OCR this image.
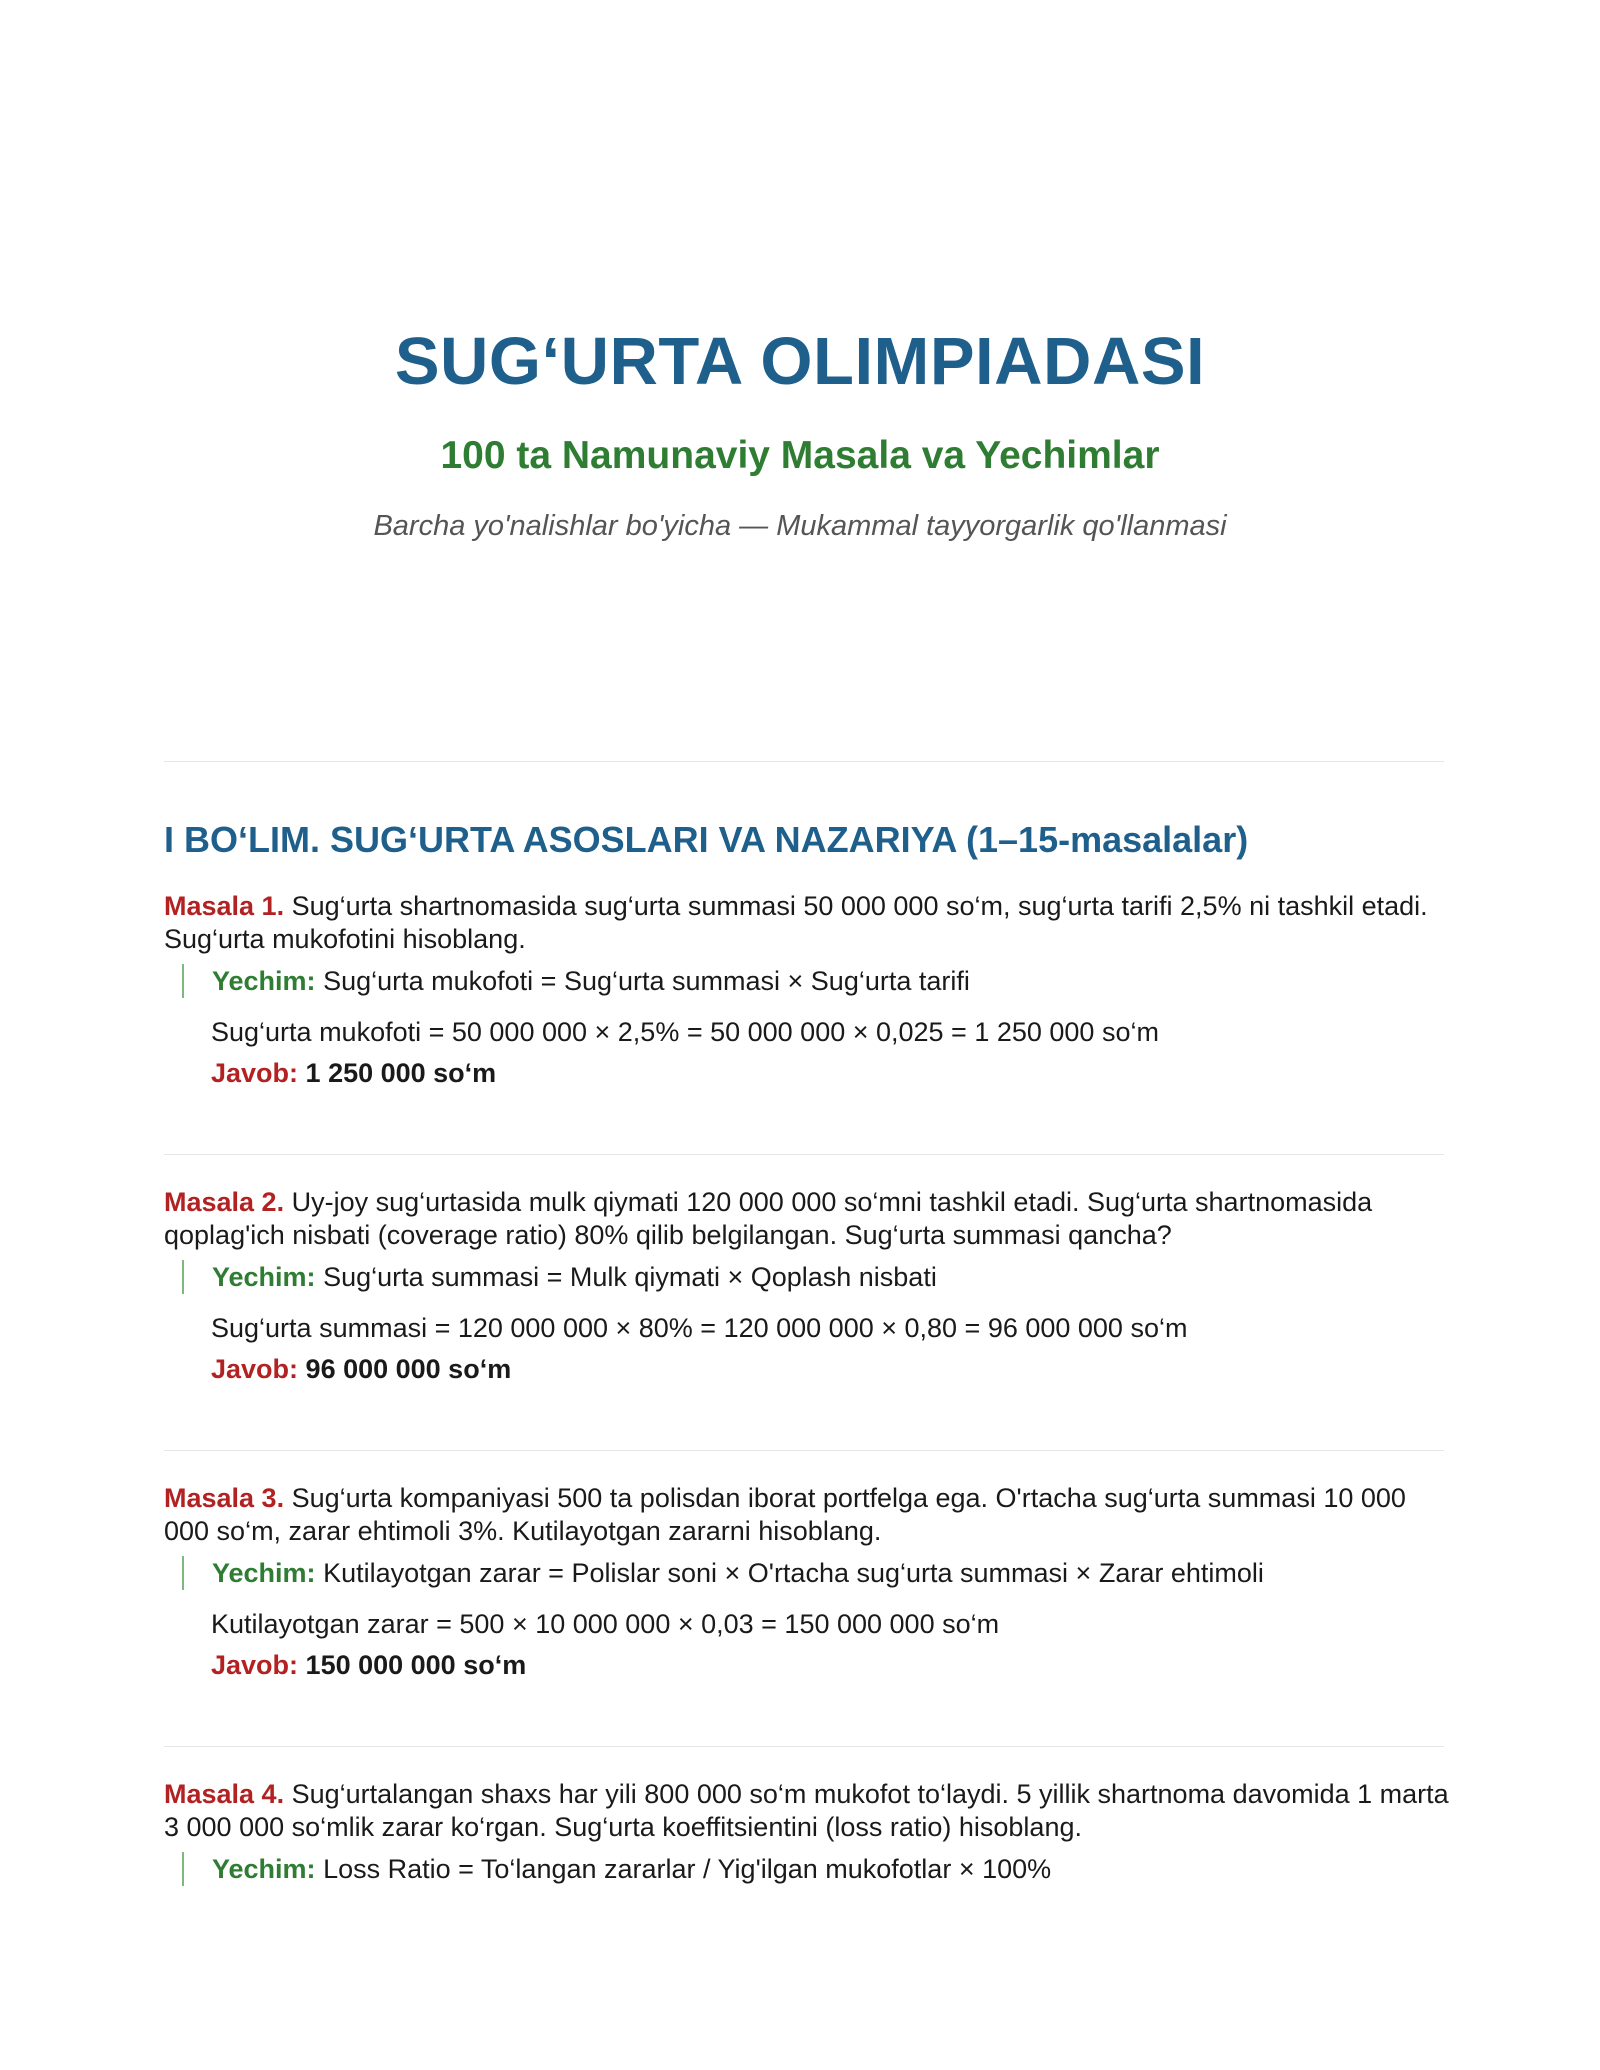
SUG‘URTA OLIMPIADASI
100 ta Namunaviy Masala va Yechimlar
Barcha yo'nalishlar bo'yicha — Mukammal tayyorgarlik qo'llanmasi
I BO‘LIM. SUG‘URTA ASOSLARI VA NAZARIYA (1–15-masalalar)

Masala 1. Sug‘urta shartnomasida sug‘urta summasi 50 000 000 so‘m, sug‘urta tarifi 2,5% ni tashkil etadi. Sug‘urta mukofotini hisoblang.

Yechim: Sug‘urta mukofoti = Sug‘urta summasi × Sug‘urta tarifi
Sug‘urta mukofoti = 50 000 000 × 2,5% = 50 000 000 × 0,025 = 1 250 000 so‘m
Javob: 1 250 000 so‘m

Masala 2. Uy-joy sug‘urtasida mulk qiymati 120 000 000 so‘mni tashkil etadi. Sug‘urta shartnomasida qoplag'ich nisbati (coverage ratio) 80% qilib belgilangan. Sug‘urta summasi qancha?

Yechim: Sug‘urta summasi = Mulk qiymati × Qoplash nisbati
Sug‘urta summasi = 120 000 000 × 80% = 120 000 000 × 0,80 = 96 000 000 so‘m
Javob: 96 000 000 so‘m

Masala 3. Sug‘urta kompaniyasi 500 ta polisdan iborat portfelga ega. O'rtacha sug‘urta summasi 10 000 000 so‘m, zarar ehtimoli 3%. Kutilayotgan zararni hisoblang.

Yechim: Kutilayotgan zarar = Polislar soni × O'rtacha sug‘urta summasi × Zarar ehtimoli
Kutilayotgan zarar = 500 × 10 000 000 × 0,03 = 150 000 000 so‘m
Javob: 150 000 000 so‘m

Masala 4. Sug‘urtalangan shaxs har yili 800 000 so‘m mukofot to‘laydi. 5 yillik shartnoma davomida 1 marta 3 000 000 so‘mlik zarar ko‘rgan. Sug‘urta koeffitsientini (loss ratio) hisoblang.

Yechim: Loss Ratio = To‘langan zararlar / Yig'ilgan mukofotlar × 100%
